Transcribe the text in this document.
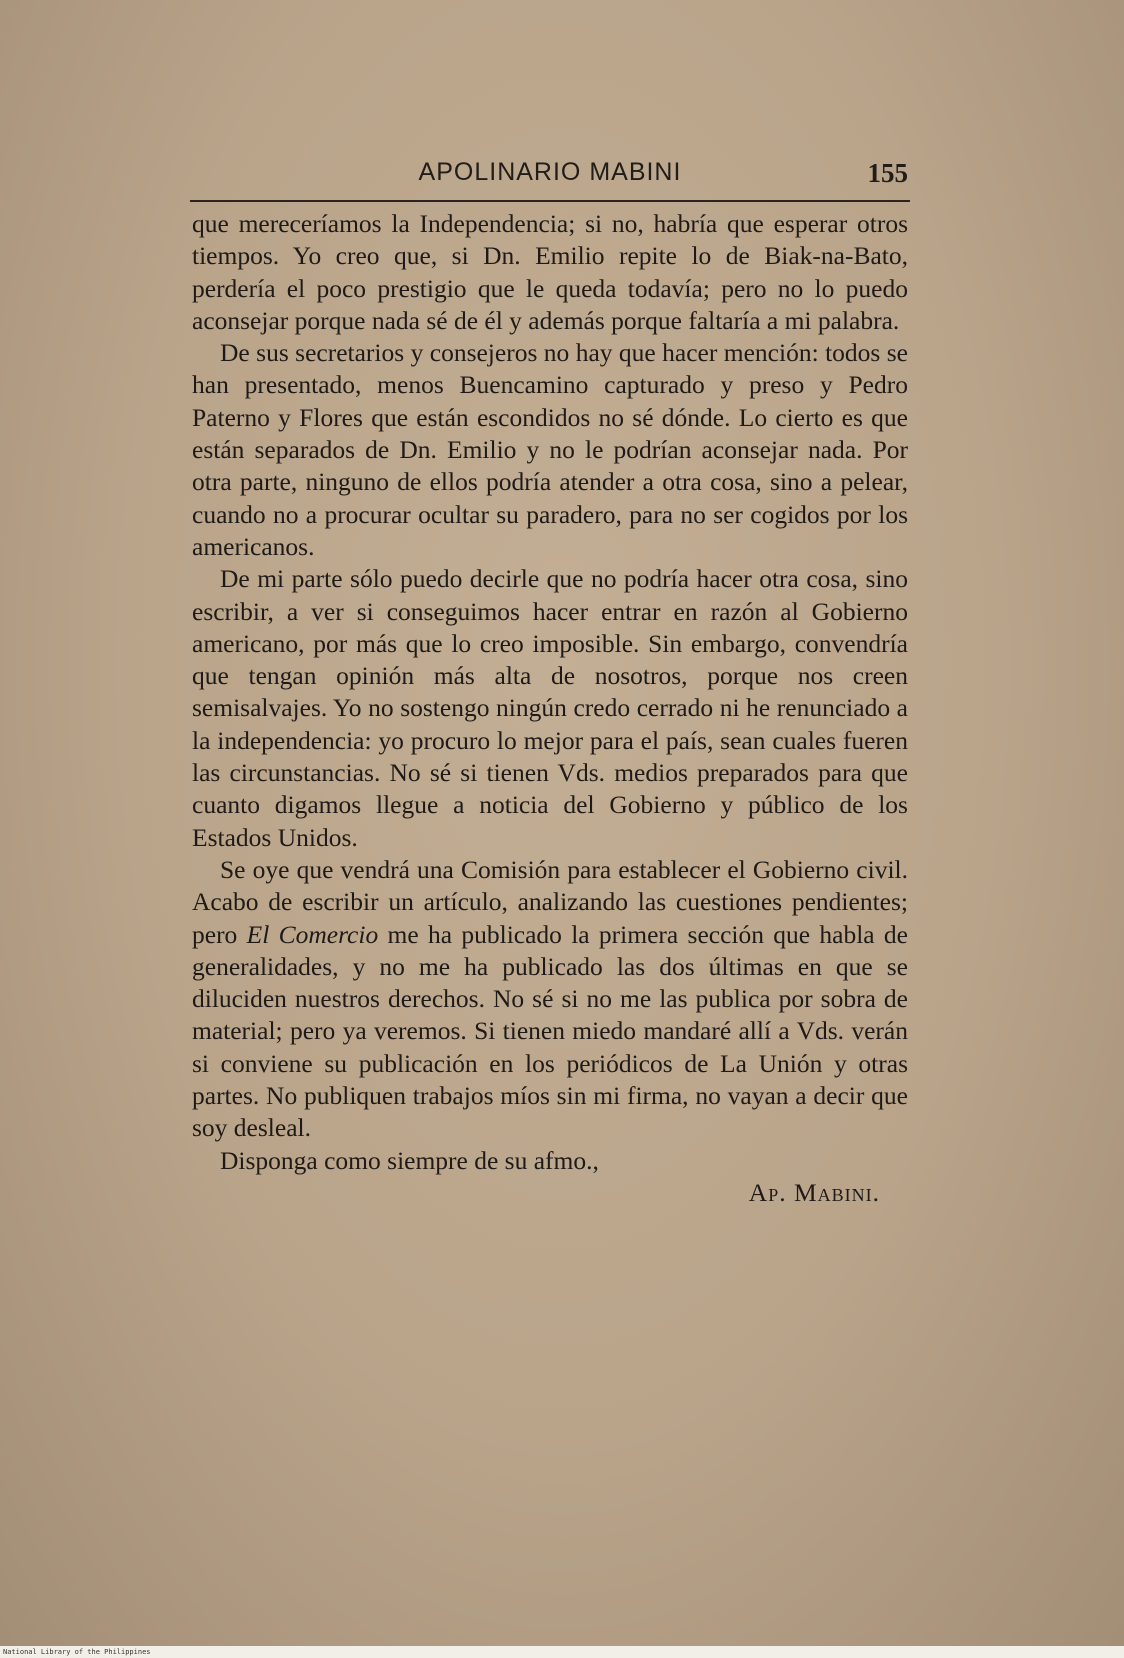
APOLINARIO MABINI	155

que mereceríamos la Independencia; si no, habría que esperar otros tiempos. Yo creo que, si Dn. Emilio repite lo de Biak-na-Bato, perdería el poco prestigio que le queda todavía; pero no lo puedo aconsejar porque nada sé de él y además porque faltaría a mi palabra.

De sus secretarios y consejeros no hay que hacer mención: todos se han presentado, menos Buencamino capturado y preso y Pedro Paterno y Flores que están escondidos no sé dónde. Lo cierto es que están separados de Dn. Emilio y no le podrían aconsejar nada. Por otra parte, ninguno de ellos podría atender a otra cosa, sino a pelear, cuando no a procurar ocultar su paradero, para no ser cogidos por los americanos.

De mi parte sólo puedo decirle que no podría hacer otra cosa, sino escribir, a ver si conseguimos hacer entrar en razón al Gobierno americano, por más que lo creo imposible. Sin embargo, convendría que tengan opinión más alta de nosotros, porque nos creen semisalvajes. Yo no sostengo ningún credo cerrado ni he renunciado a la independencia: yo procuro lo mejor para el país, sean cuales fueren las circunstancias. No sé si tienen Vds. medios preparados para que cuanto digamos llegue a noticia del Gobierno y público de los Estados Unidos.

Se oye que vendrá una Comisión para establecer el Gobierno civil. Acabo de escribir un artículo, analizando las cuestiones pendientes; pero El Comercio me ha publicado la primera sección que habla de generalidades, y no me ha publicado las dos últimas en que se diluciden nuestros derechos. No sé si no me las publica por sobra de material; pero ya veremos. Si tienen miedo mandaré allí a Vds. verán si conviene su publicación en los periódicos de La Unión y otras partes. No publiquen trabajos míos sin mi firma, no vayan a decir que soy desleal.

Disponga como siempre de su afmo.,

Ap. Mabini.

National Library of the Philippines
